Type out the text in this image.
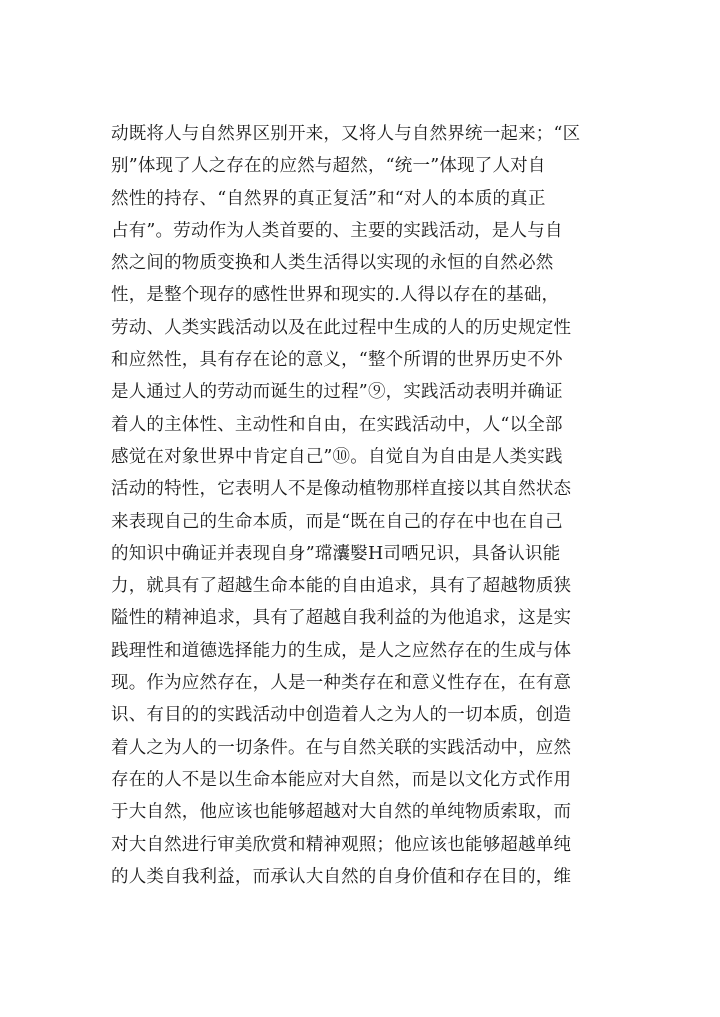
动既将人与自然界区别开来，又将人与自然界统一起来；“区
别”体现了人之存在的应然与超然，“统一”体现了人对自
然性的持存、“自然界的真正复活”和“对人的本质的真正
占有”。劳动作为人类首要的、主要的实践活动，是人与自
然之间的物质变换和人类生活得以实现的永恒的自然必然
性，是整个现存的感性世界和现实的.人得以存在的基础，
劳动、人类实践活动以及在此过程中生成的人的历史规定性
和应然性，具有存在论的意义，“整个所谓的世界历史不外
是人通过人的劳动而诞生的过程”⑨，实践活动表明并确证
着人的主体性、主动性和自由，在实践活动中，人“以全部
感觉在对象世界中肯定自己”⑩。自觉自为自由是人类实践
活动的特性，它表明人不是像动植物那样直接以其自然状态
来表现自己的生命本质，而是“既在自己的存在中也在自己
的知识中确证并表现自身”瑺灢嫛H司哂兄识，具备认识能
力，就具有了超越生命本能的自由追求，具有了超越物质狭
隘性的精神追求，具有了超越自我利益的为他追求，这是实
践理性和道德选择能力的生成，是人之应然存在的生成与体
现。作为应然存在，人是一种类存在和意义性存在，在有意
识、有目的的实践活动中创造着人之为人的一切本质，创造
着人之为人的一切条件。在与自然关联的实践活动中，应然
存在的人不是以生命本能应对大自然，而是以文化方式作用
于大自然，他应该也能够超越对大自然的单纯物质索取，而
对大自然进行审美欣赏和精神观照；他应该也能够超越单纯
的人类自我利益，而承认大自然的自身价值和存在目的，维
